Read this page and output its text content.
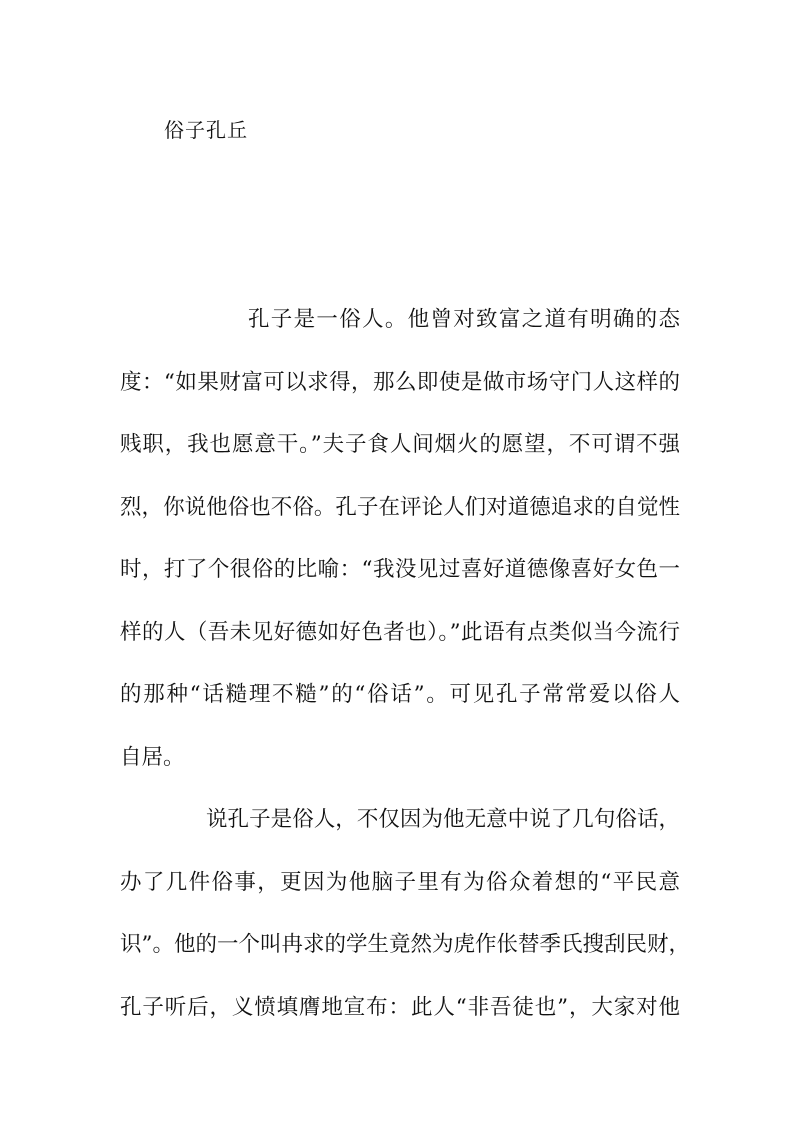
俗子孔丘
孔子是一俗人。他曾对致富之道有明确的态
度：“如果财富可以求得，那么即使是做市场守门人这样的
贱职，我也愿意干。”夫子食人间烟火的愿望，不可谓不强
烈，你说他俗也不俗。孔子在评论人们对道德追求的自觉性
时，打了个很俗的比喻：“我没见过喜好道德像喜好女色一
样的人（吾未见好德如好色者也）。”此语有点类似当今流行
的那种“话糙理不糙”的“俗话”。可见孔子常常爱以俗人
自居。
说孔子是俗人，不仅因为他无意中说了几句俗话，
办了几件俗事，更因为他脑子里有为俗众着想的“平民意
识”。他的一个叫冉求的学生竟然为虎作伥替季氏搜刮民财，
孔子听后，义愤填膺地宣布：此人“非吾徒也”，大家对他
